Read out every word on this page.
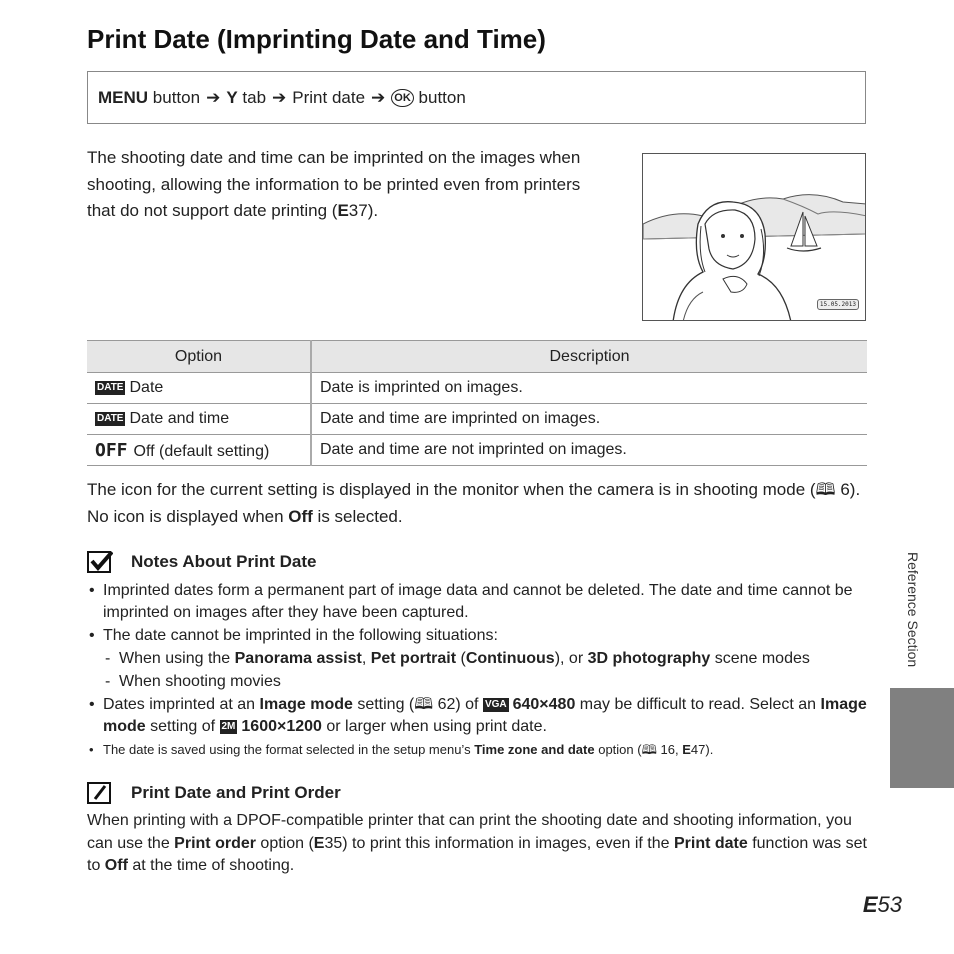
Print Date (Imprinting Date and Time)
MENU
button ➔ Y
tab ➔ Print date ➔ OK
button

The shooting date and time can be imprinted on the images when shooting, allowing the information to be printed even from printers that do not support date printing (E37).

15.05.2013
Option	Description
DATE Date	Date is imprinted on images.
DATE Date and time	Date and time are imprinted on images.
OFF Off (default setting)	Date and time are not imprinted on images.

The icon for the current setting is displayed in the monitor when the camera is in shooting mode (🕮 6). No icon is displayed when Off is selected.

Notes About Print Date
• Imprinted dates form a permanent part of image data and cannot be deleted. The date and time cannot be imprinted on images after they have been captured.
• The date cannot be imprinted in the following situations:
- When using the Panorama assist, Pet portrait (Continuous), or 3D photography scene modes
- When shooting movies
• Dates imprinted at an Image mode setting (🕮 62) of VGA 640×480 may be difficult to read. Select an Image mode setting of 2M 1600×1200 or larger when using print date.
• The date is saved using the format selected in the setup menu’s Time zone and date option (🕮 16, E47).
Print Date and Print Order

When printing with a DPOF-compatible printer that can print the shooting date and shooting information, you can use the Print order option (E35) to print this information in images, even if the Print date function was set to Off at the time of shooting.

Reference Section
E53
